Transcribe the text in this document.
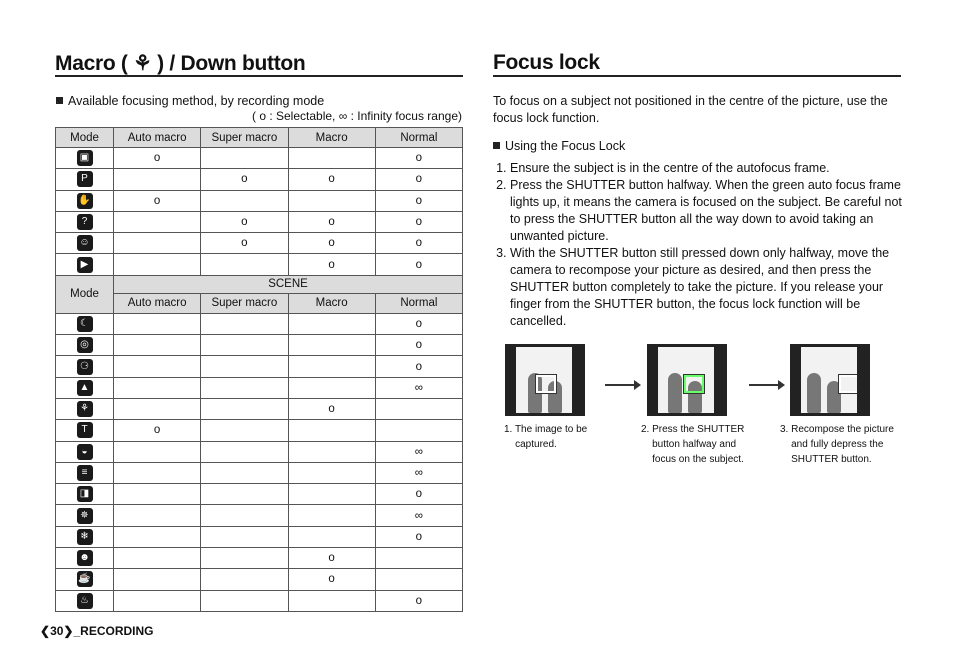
Macro ( ⚘ ) / Down button
Available focusing method, by recording mode
( o : Selectable, ∞ : Infinity focus range)
Mode	Auto macro	Super macro	Macro	Normal
▣	o			o
P		o	o	o
✋	o			o
?		o	o	o
☺		o	o	o
▶			o	o
Mode	SCENE			
	Auto macro	Super macro	Macro	Normal
☾				o
◎				o
⚆				o
▲				∞
⚘			o	
T	o			
◒				∞
≡				∞
◨				o
✵				∞
❄				o
☻			o	
☕			o	
♨				o
Focus lock
To focus on a subject not positioned in the centre of the picture, use the focus lock function.
Using the Focus Lock
1. Ensure the subject is in the centre of the autofocus frame.
2. Press the SHUTTER button halfway. When the green auto focus frame lights up, it means the camera is focused on the subject. Be careful not to press the SHUTTER button all the way down to avoid taking an unwanted picture.
3. With the SHUTTER button still pressed down only halfway, move the camera to recompose your picture as desired, and then press the SHUTTER button completely to take the picture. If you release your finger from the SHUTTER button, the focus lock function will be cancelled.
1. The image to be
captured.
2. Press the SHUTTER
button halfway and
focus on the subject.
3. Recompose the picture
and fully depress the
SHUTTER button.
❮30❯_RECORDING
